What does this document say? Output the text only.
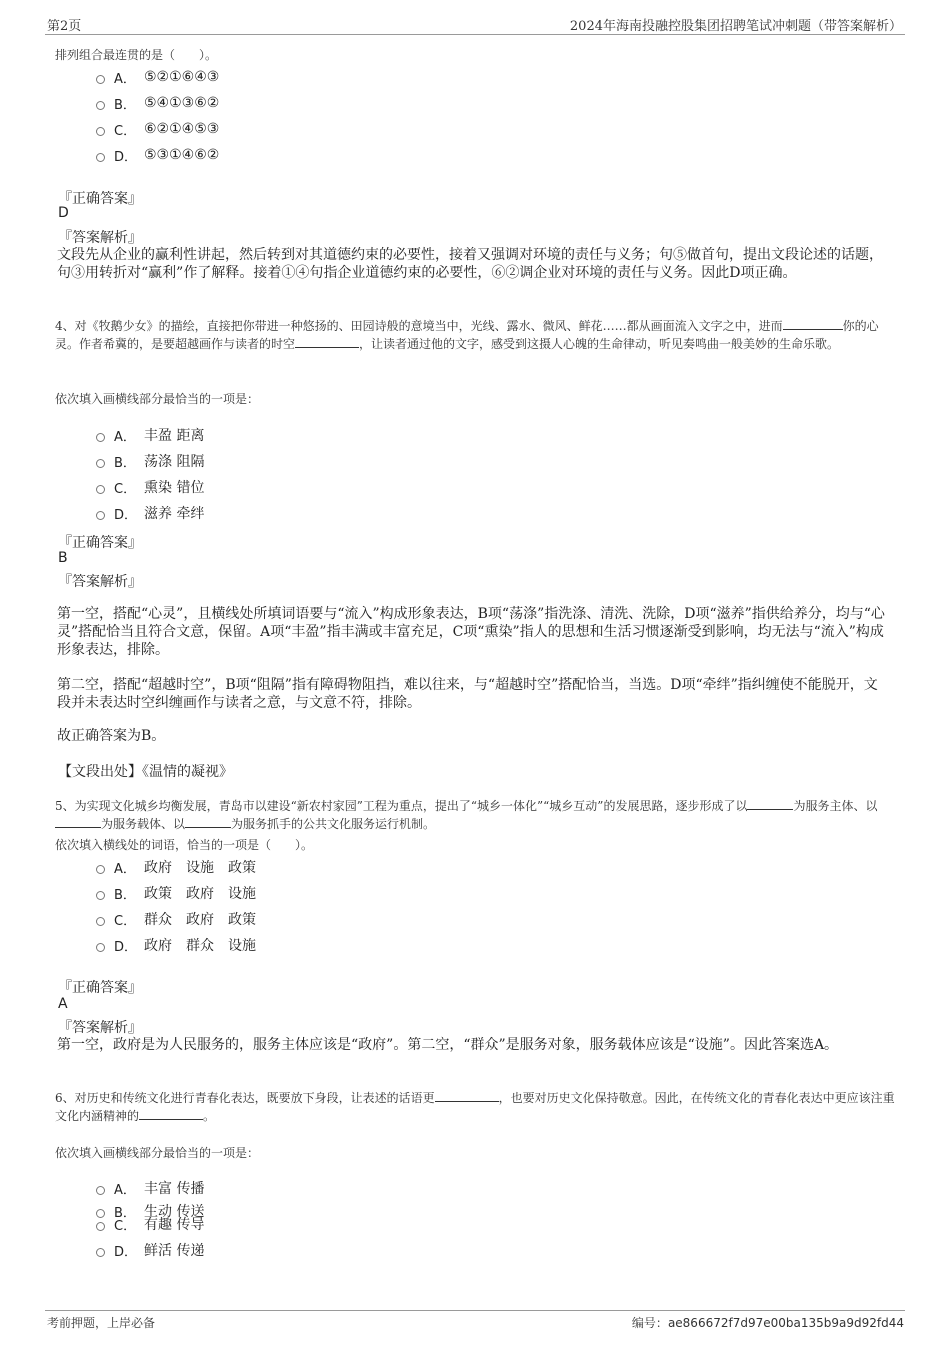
第2页	2024年海南投融控股集团招聘笔试冲刺题（带答案解析）
排列组合最连贯的是（　　）。
A． ⑤②①⑥④③
B． ⑤④①③⑥②
C． ⑥②①④⑤③
D． ⑤③①④⑥②
『正确答案』
D
『答案解析』
文段先从企业的赢利性讲起，然后转到对其道德约束的必要性，接着又强调对环境的责任与义务；句⑤做首句，提出文段论述的话题，句③用转折对“赢利”作了解释。接着①④句指企业道德约束的必要性，⑥②调企业对环境的责任与义务。因此D项正确。
4、对《牧鹅少女》的描绘，直接把你带进一种悠扬的、田园诗般的意境当中，光线、露水、微风、鲜花……都从画面流入文字之中，进而	你的心灵。作者希冀的，是要超越画作与读者的时空	，让读者通过他的文字，感受到这摄人心魄的生命律动，听见奏鸣曲一般美妙的生命乐歌。
依次填入画横线部分最恰当的一项是：
A． 丰盈 距离
B． 荡涤 阻隔
C． 熏染 错位
D． 滋养 牵绊
『正确答案』
B
『答案解析』
第一空，搭配“心灵”，且横线处所填词语要与“流入”构成形象表达，B项“荡涤”指洗涤、清洗、洗除，D项“滋养”指供给养分，均与“心灵”搭配恰当且符合文意，保留。A项“丰盈”指丰满或丰富充足，C项“熏染”指人的思想和生活习惯逐渐受到影响，均无法与“流入”构成形象表达，排除。
第二空，搭配“超越时空”，B项“阻隔”指有障碍物阻挡，难以往来，与“超越时空”搭配恰当，当选。D项“牵绊”指纠缠使不能脱开，文段并未表达时空纠缠画作与读者之意，与文意不符，排除。
故正确答案为B。
【文段出处】《温情的凝视》
5、为实现文化城乡均衡发展，青岛市以建设“新农村家园”工程为重点，提出了“城乡一体化”“城乡互动”的发展思路，逐步形成了以	为服务主体、以为服务载体、以	为服务抓手的公共文化服务运行机制。
依次填入横线处的词语，恰当的一项是（　　）。
A． 政府　设施　政策
B． 政策　政府　设施
C． 群众　政府　政策
D． 政府　群众　设施
『正确答案』
A
『答案解析』
第一空，政府是为人民服务的，服务主体应该是“政府”。第二空，“群众”是服务对象，服务载体应该是“设施”。因此答案选A。
6、对历史和传统文化进行青春化表达，既要放下身段，让表述的话语更	，也要对历史文化保持敬意。因此，在传统文化的青春化表达中更应该注重文化内涵精神的	。
依次填入画横线部分最恰当的一项是：
A． 丰富 传播
B． 生动 传送
C． 有趣 传导
D． 鲜活 传递
考前押题，上岸必备	编号：ae866672f7d97e00ba135b9a9d92fd44
